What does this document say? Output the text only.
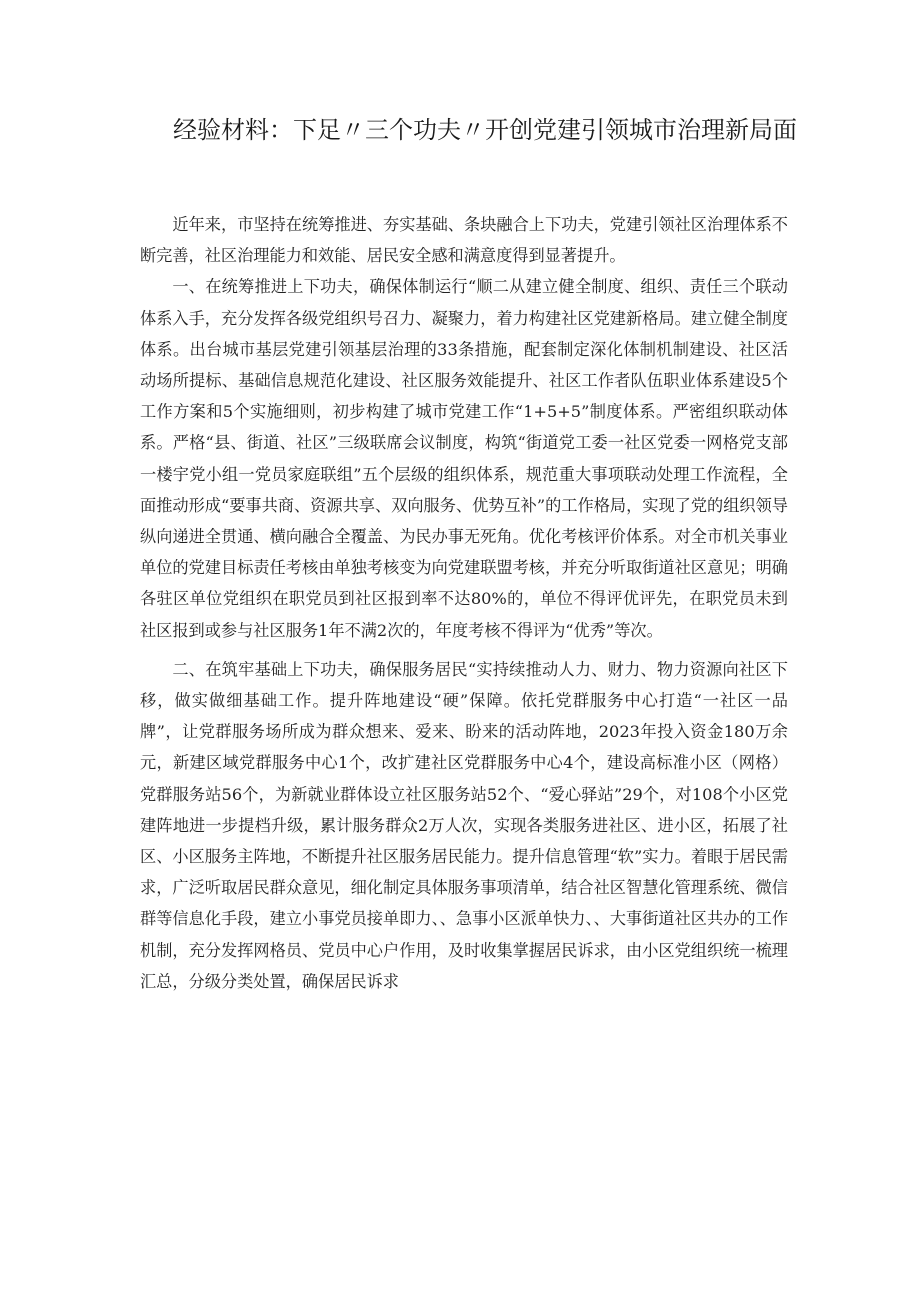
经验材料：下足〃三个功夫〃开创党建引领城市治理新局面

近年来，市坚持在统筹推进、夯实基础、条块融合上下功夫，党建引领社区治理体系不断完善，社区治理能力和效能、居民安全感和满意度得到显著提升。

一、在统筹推进上下功夫，确保体制运行“顺二从建立健全制度、组织、责任三个联动体系入手，充分发挥各级党组织号召力、凝聚力，着力构建社区党建新格局。建立健全制度体系。出台城市基层党建引领基层治理的33条措施，配套制定深化体制机制建设、社区活动场所提标、基础信息规范化建设、社区服务效能提升、社区工作者队伍职业体系建设5个工作方案和5个实施细则，初步构建了城市党建工作“1+5+5”制度体系。严密组织联动体系。严格“县、街道、社区”三级联席会议制度，构筑“街道党工委一社区党委一网格党支部一楼宇党小组一党员家庭联组”五个层级的组织体系，规范重大事项联动处理工作流程，全面推动形成“要事共商、资源共享、双向服务、优势互补”的工作格局，实现了党的组织领导纵向递进全贯通、横向融合全覆盖、为民办事无死角。优化考核评价体系。对全市机关事业单位的党建目标责任考核由单独考核变为向党建联盟考核，并充分听取街道社区意见；明确各驻区单位党组织在职党员到社区报到率不达80%的，单位不得评优评先，在职党员未到社区报到或参与社区服务1年不满2次的，年度考核不得评为“优秀”等次。

二、在筑牢基础上下功夫，确保服务居民“实持续推动人力、财力、物力资源向社区下移，做实做细基础工作。提升阵地建设“硬”保障。依托党群服务中心打造“一社区一品牌”，让党群服务场所成为群众想来、爱来、盼来的活动阵地，2023年投入资金180万余元，新建区域党群服务中心1个，改扩建社区党群服务中心4个，建设高标准小区（网格）党群服务站56个，为新就业群体设立社区服务站52个、“爱心驿站”29个，对108个小区党建阵地进一步提档升级，累计服务群众2万人次，实现各类服务进社区、进小区，拓展了社区、小区服务主阵地，不断提升社区服务居民能力。提升信息管理“软”实力。着眼于居民需求，广泛听取居民群众意见，细化制定具体服务事项清单，结合社区智慧化管理系统、微信群等信息化手段，建立小事党员接单即力、、急事小区派单快力、、大事街道社区共办的工作机制，充分发挥网格员、党员中心户作用，及时收集掌握居民诉求，由小区党组织统一梳理汇总，分级分类处置，确保居民诉求
